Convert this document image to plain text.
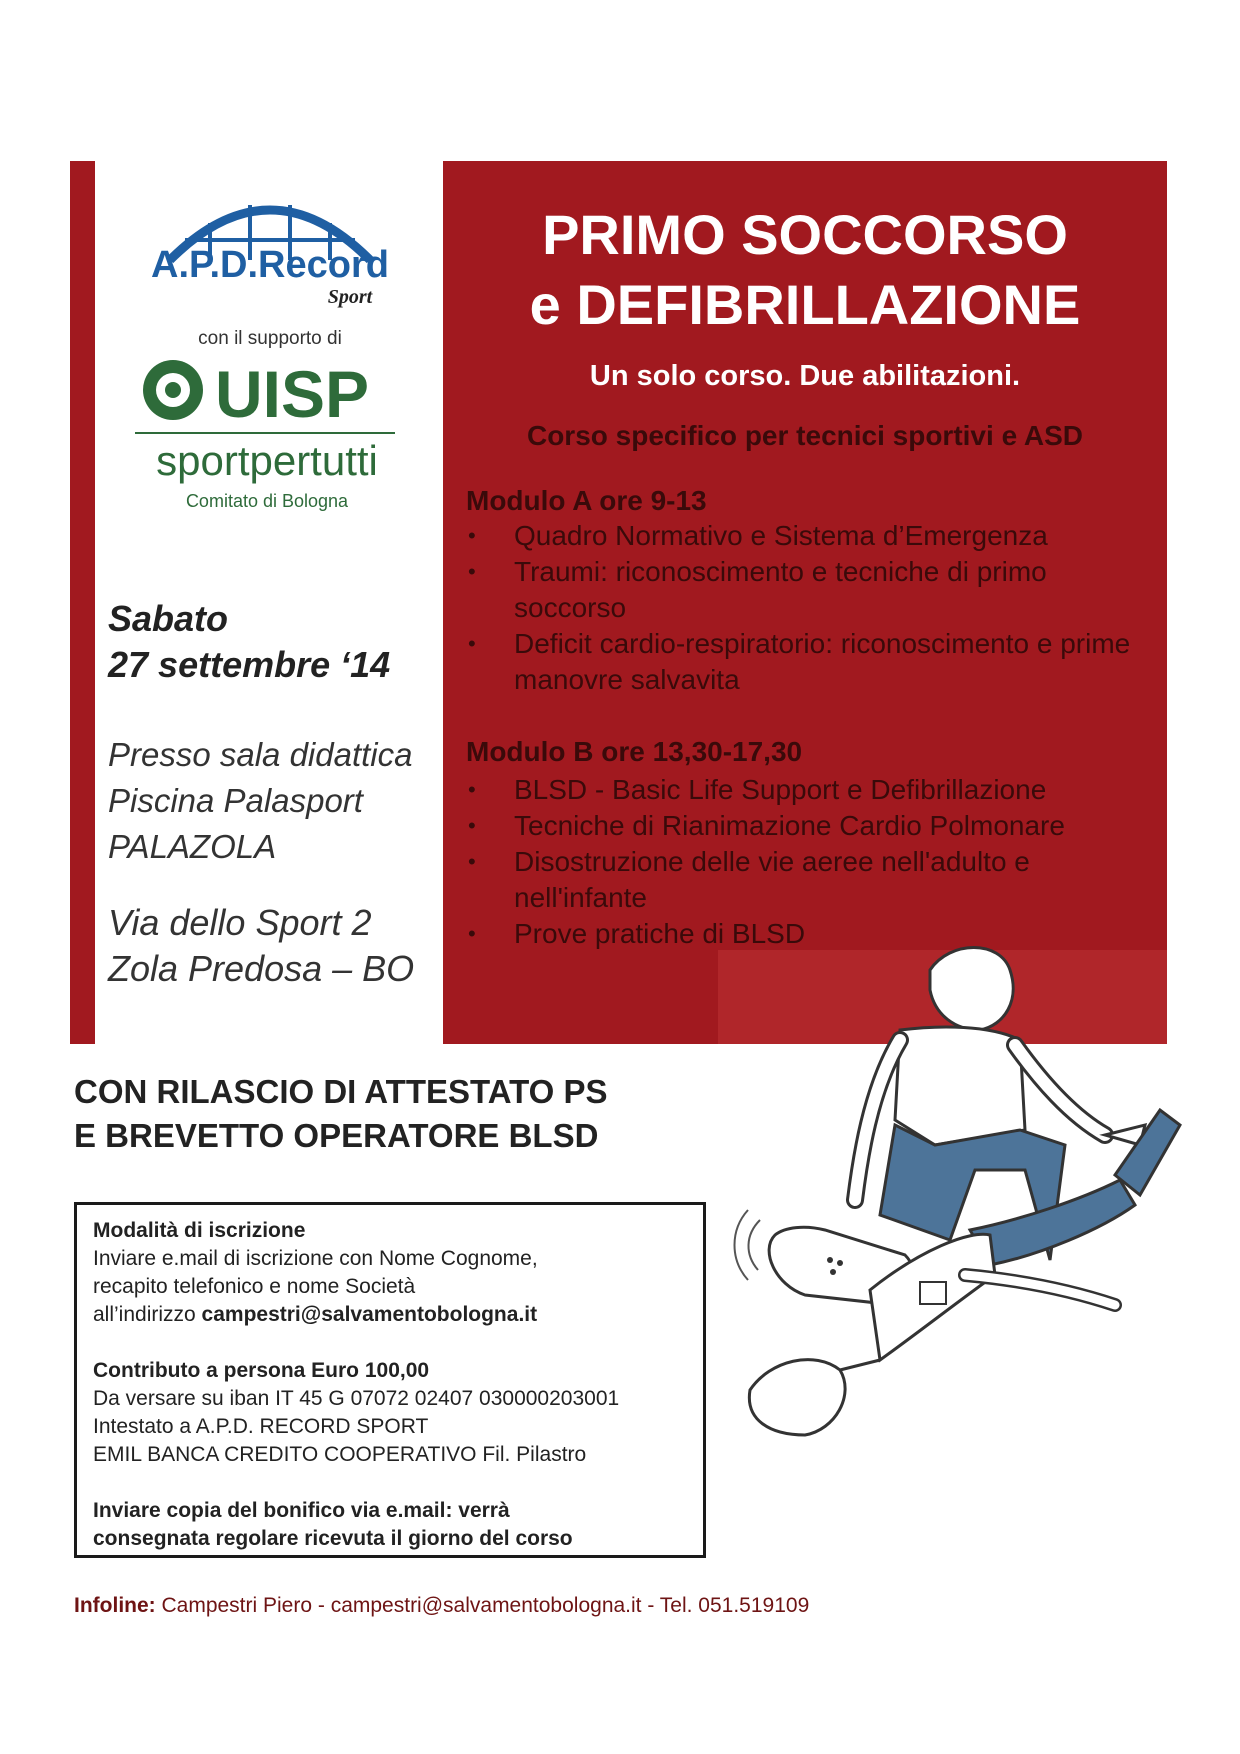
A.P.D.Record
Sport
con il supporto di
UISP
sportpertutti
Comitato di Bologna
Sabato
27 settembre ‘14
Presso sala didattica
Piscina Palasport
PALAZOLA
Via dello Sport 2
Zola Predosa – BO
PRIMO SOCCORSO
e DEFIBRILLAZIONE
Un solo corso. Due abilitazioni.
Corso specifico per tecnici sportivi e ASD
Modulo A ore 9-13
• Quadro Normativo e Sistema d’Emergenza
• Traumi: riconoscimento e tecniche di primo soccorso
• Deficit cardio-respiratorio: riconoscimento e prime manovre salvavita
Modulo B ore 13,30-17,30
• BLSD - Basic Life Support e Defibrillazione
• Tecniche di Rianimazione Cardio Polmonare
• Disostruzione delle vie aeree nell'adulto e nell'infante
• Prove pratiche di BLSD
CON RILASCIO DI ATTESTATO PS
E BREVETTO OPERATORE BLSD

Modalità di iscrizione

Inviare e.mail di iscrizione con Nome Cognome,

recapito telefonico e nome Società

all’indirizzo campestri@salvamentobologna.it

Contributo a persona Euro 100,00

Da versare su iban IT 45 G 07072 02407 030000203001

Intestato a A.P.D. RECORD SPORT

EMIL BANCA CREDITO COOPERATIVO Fil. Pilastro

Inviare copia del bonifico via e.mail: verrà

consegnata regolare ricevuta il giorno del corso

Infoline: Campestri Piero - campestri@salvamentobologna.it - Tel. 051.519109
